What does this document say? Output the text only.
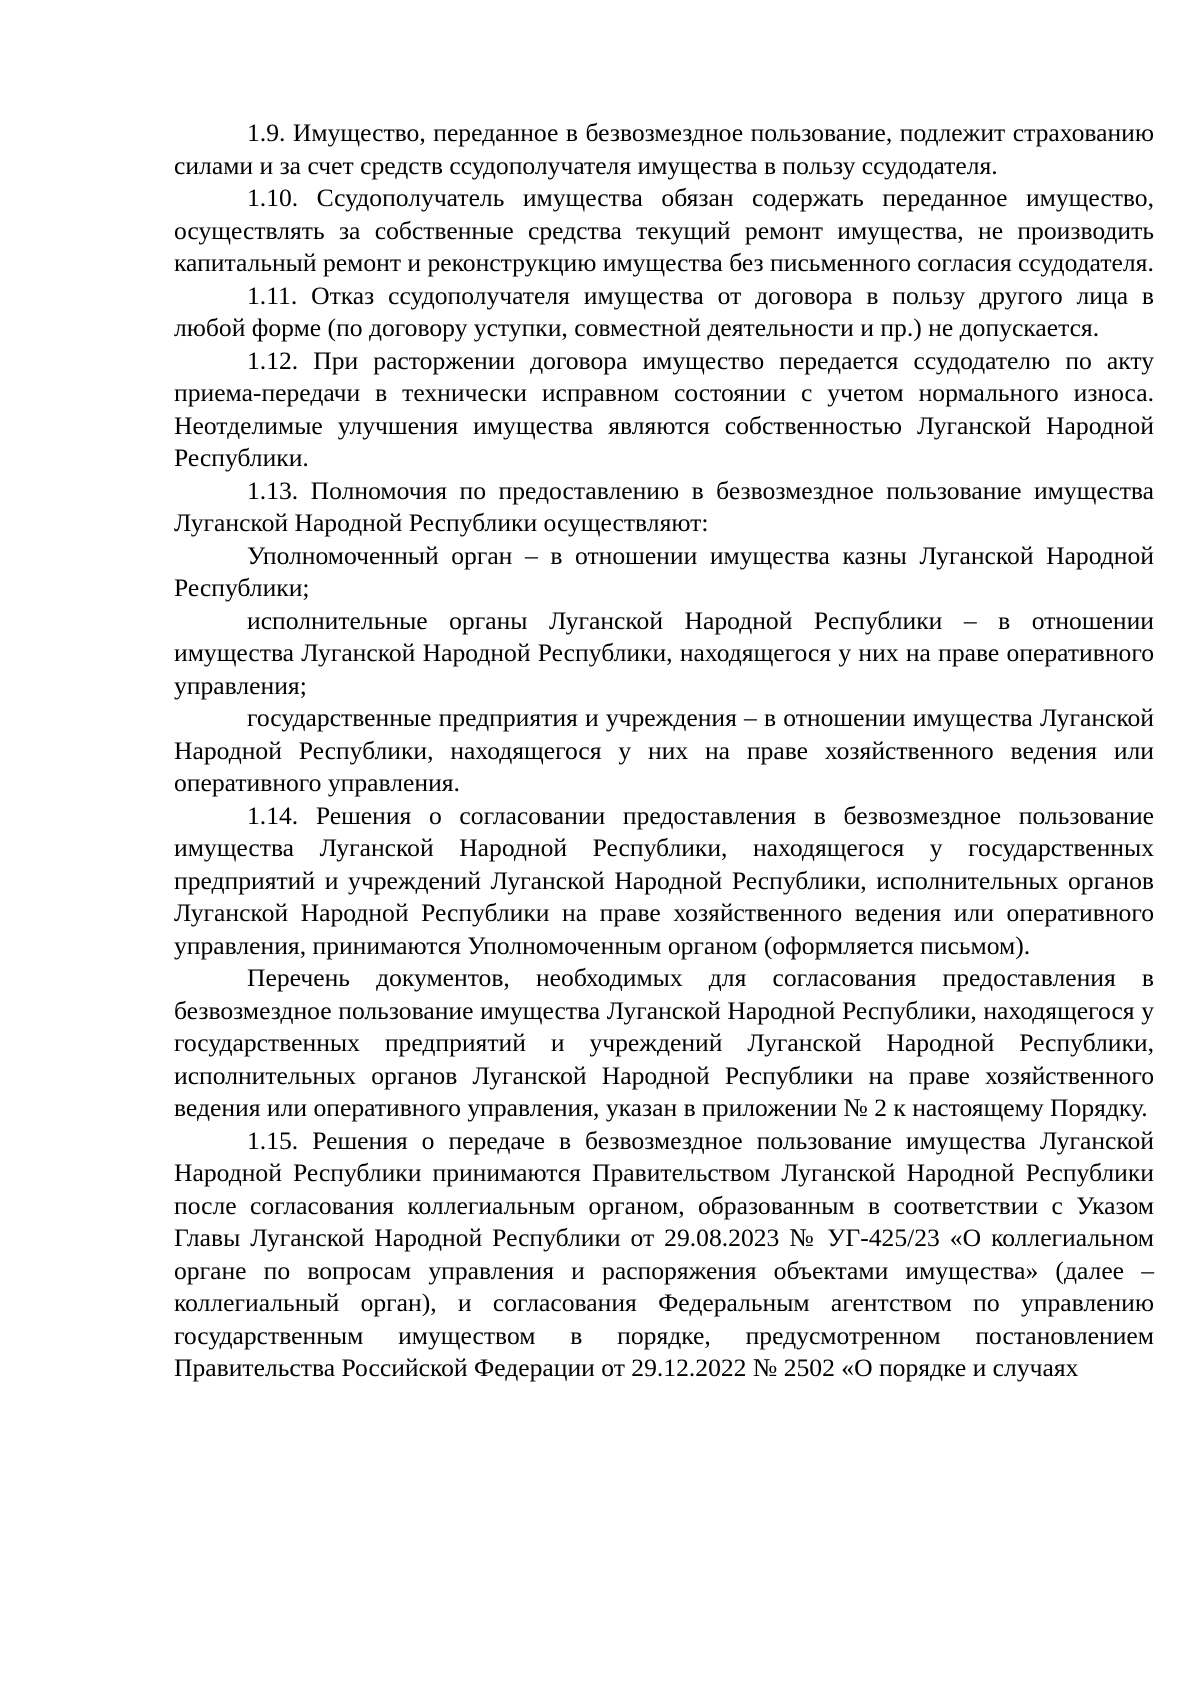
1.9. Имущество, переданное в безвозмездное пользование, подлежит страхованию силами и за счет средств ссудополучателя имущества в пользу ссудодателя.

1.10. Ссудополучатель имущества обязан содержать переданное имущество, осуществлять за собственные средства текущий ремонт имущества, не производить капитальный ремонт и реконструкцию имущества без письменного согласия ссудодателя.

1.11. Отказ ссудополучателя имущества от договора в пользу другого лица в любой форме (по договору уступки, совместной деятельности и пр.) не допускается.

1.12. При расторжении договора имущество передается ссудодателю по акту приема-передачи в технически исправном состоянии с учетом нормального износа. Неотделимые улучшения имущества являются собственностью Луганской Народной Республики.

1.13. Полномочия по предоставлению в безвозмездное пользование имущества Луганской Народной Республики осуществляют:

Уполномоченный орган – в отношении имущества казны Луганской Народной Республики;

исполнительные органы Луганской Народной Республики – в отношении имущества Луганской Народной Республики, находящегося у них на праве оперативного управления;

государственные предприятия и учреждения – в отношении имущества Луганской Народной Республики, находящегося у них на праве хозяйственного ведения или оперативного управления.

1.14. Решения о согласовании предоставления в безвозмездное пользование имущества Луганской Народной Республики, находящегося у государственных предприятий и учреждений Луганской Народной Республики, исполнительных органов Луганской Народной Республики на праве хозяйственного ведения или оперативного управления, принимаются Уполномоченным органом (оформляется письмом).

Перечень документов, необходимых для согласования предоставления в безвозмездное пользование имущества Луганской Народной Республики, находящегося у государственных предприятий и учреждений Луганской Народной Республики, исполнительных органов Луганской Народной Республики на праве хозяйственного ведения или оперативного управления, указан в приложении № 2 к настоящему Порядку.

1.15. Решения о передаче в безвозмездное пользование имущества Луганской Народной Республики принимаются Правительством Луганской Народной Республики после согласования коллегиальным органом, образованным в соответствии с Указом Главы Луганской Народной Республики от 29.08.2023 № УГ-425/23 «О коллегиальном органе по вопросам управления и распоряжения объектами имущества» (далее – коллегиальный орган), и согласования Федеральным агентством по управлению государственным имуществом в порядке, предусмотренном постановлением Правительства Российской Федерации от 29.12.2022 № 2502 «О порядке и случаях
